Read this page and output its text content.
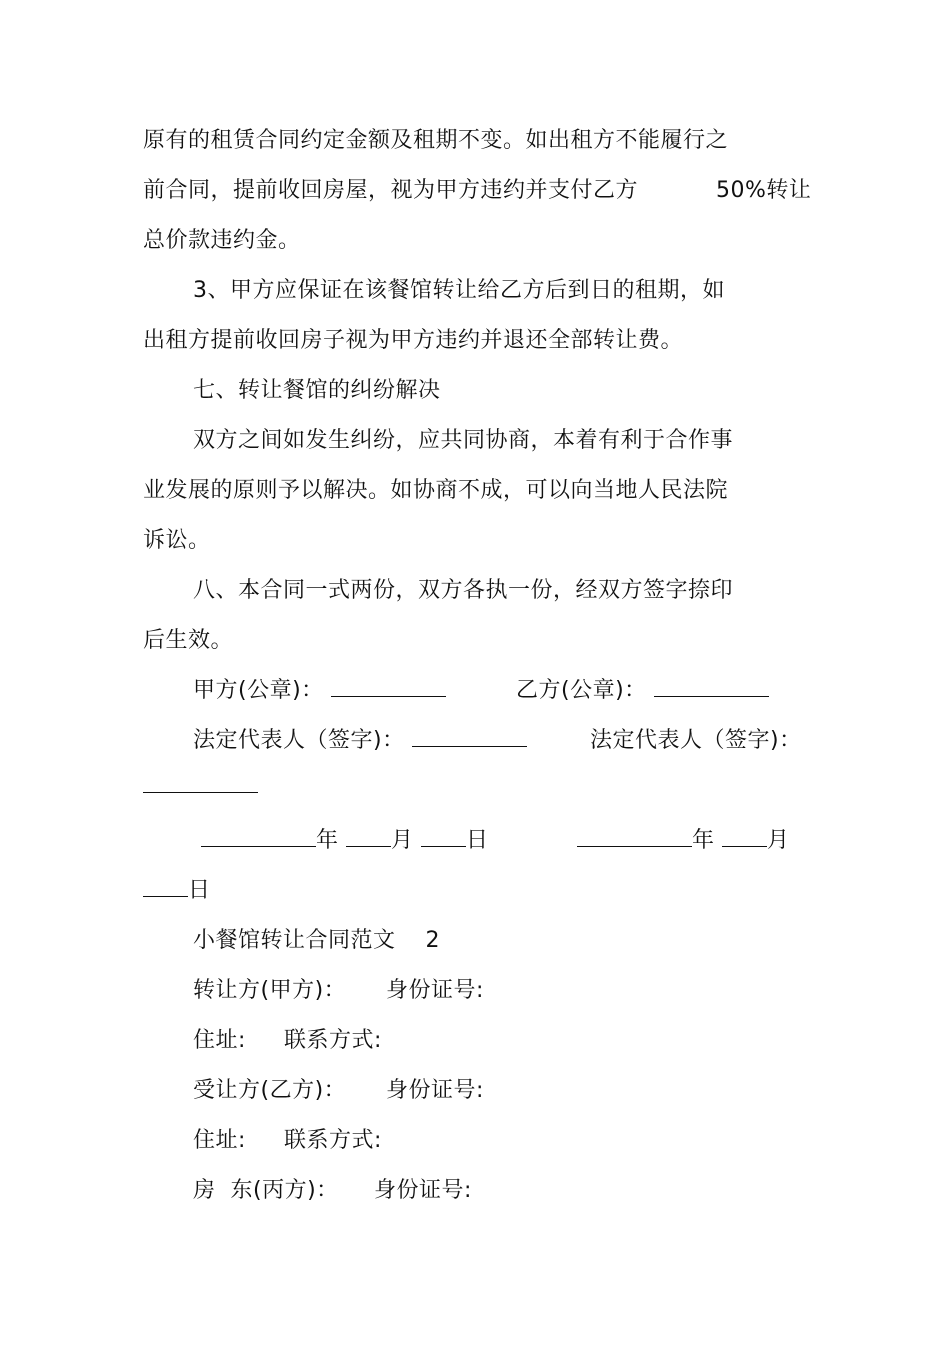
原有的租赁合同约定金额及租期不变。如出租方不能履行之
前合同，提前收回房屋，视为甲方违约并支付乙方	50%转让
总价款违约金。
3、甲方应保证在该餐馆转让给乙方后到日的租期，如
出租方提前收回房子视为甲方违约并退还全部转让费。
七、转让餐馆的纠纷解决
双方之间如发生纠纷，应共同协商，本着有利于合作事
业发展的原则予以解决。如协商不成，可以向当地人民法院
诉讼。
八、本合同一式两份，双方各执一份，经双方签字捺印
后生效。
甲方(公章)：	乙方(公章)：
法定代表人（签字)：	法定代表人（签字)：
年 月 日	年 月
日
小餐馆转让合同范文 2
转让方(甲方)： 身份证号:
住址: 联系方式:
受让方(乙方)： 身份证号:
住址: 联系方式:
房  东(丙方)： 身份证号:
